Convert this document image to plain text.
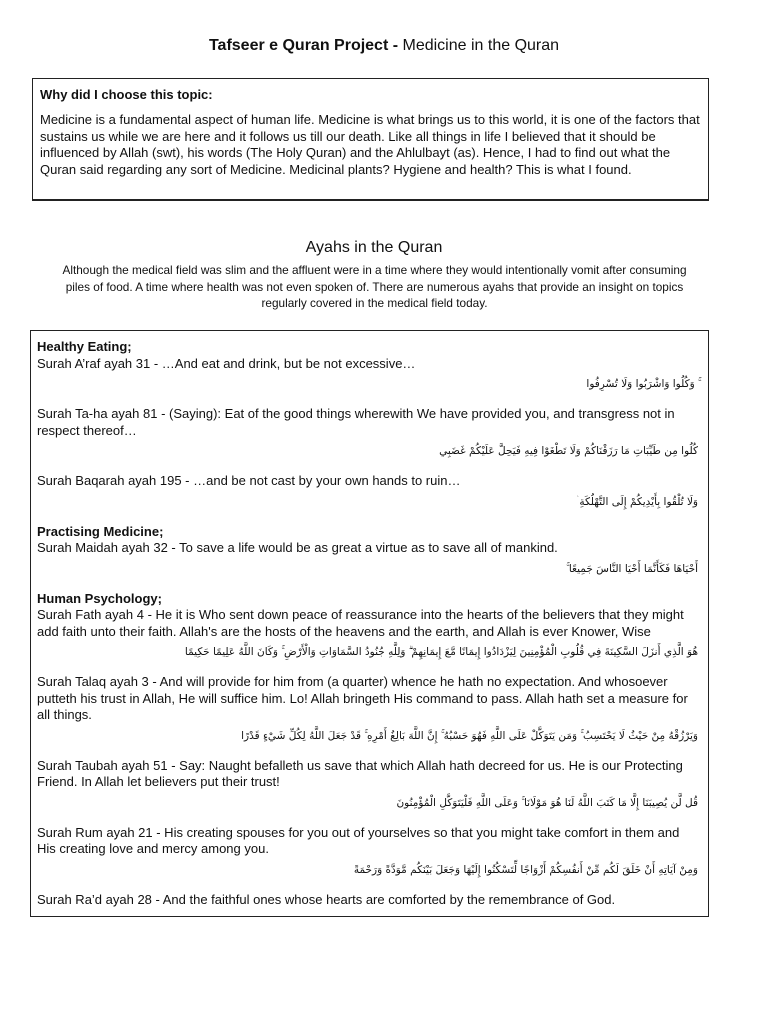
Tafseer e Quran Project - Medicine in the Quran
Why did I choose this topic:
Medicine is a fundamental aspect of human life. Medicine is what brings us to this world, it is one of the factors that sustains us while we are here and it follows us till our death. Like all things in life I believed that it should be influenced by Allah (swt), his words (The Holy Quran) and the Ahlulbayt (as). Hence, I had to find out what the Quran said regarding any sort of Medicine. Medicinal plants? Hygiene and health? This is what I found.
Ayahs in the Quran
Although the medical field was slim and the affluent were in a time where they would intentionally vomit after consuming piles of food. A time where health was not even spoken of. There are numerous ayahs that provide an insight on topics regularly covered in the medical field today.
Healthy Eating;
Surah A’raf ayah 31 - …And eat and drink, but be not excessive…
ۚ وَكُلُوا وَاشْرَبُوا وَلَا تُسْرِفُوا
Surah Ta-ha ayah 81 - (Saying): Eat of the good things wherewith We have provided you, and transgress not in respect thereof…
كُلُوا مِن طَيِّبَاتِ مَا رَزَقْنَاكُمْ وَلَا تَطْغَوْا فِيهِ فَيَحِلَّ عَلَيْكُمْ غَضَبِي
Surah Baqarah ayah 195 - …and be not cast by your own hands to ruin…
وَلَا تُلْقُوا بِأَيْدِيكُمْ إِلَى التَّهْلُكَةِ ۛ
Practising Medicine;
Surah Maidah ayah 32 - To save a life would be as great a virtue as to save all of mankind.
أَحْيَاهَا فَكَأَنَّمَا أَحْيَا النَّاسَ جَمِيعًا ۚ
Human Psychology;
Surah Fath ayah 4 - He it is Who sent down peace of reassurance into the hearts of the believers that they might add faith unto their faith. Allah's are the hosts of the heavens and the earth, and Allah is ever Knower, Wise
هُوَ الَّذِي أَنزَلَ السَّكِينَةَ فِي قُلُوبِ الْمُؤْمِنِينَ لِيَزْدَادُوا إِيمَانًا مَّعَ إِيمَانِهِمْ ۗ وَلِلَّهِ جُنُودُ السَّمَاوَاتِ وَالْأَرْضِ ۚ وَكَانَ اللَّهُ عَلِيمًا حَكِيمًا
Surah Talaq ayah 3 - And will provide for him from (a quarter) whence he hath no expectation. And whosoever putteth his trust in Allah, He will suffice him. Lo! Allah bringeth His command to pass. Allah hath set a measure for all things.
وَيَرْزُقْهُ مِنْ حَيْثُ لَا يَحْتَسِبُ ۚ وَمَن يَتَوَكَّلْ عَلَى اللَّهِ فَهُوَ حَسْبُهُ ۚ إِنَّ اللَّهَ بَالِغُ أَمْرِهِ ۚ قَدْ جَعَلَ اللَّهُ لِكُلِّ شَيْءٍ قَدْرًا
Surah Taubah ayah 51 - Say: Naught befalleth us save that which Allah hath decreed for us. He is our Protecting Friend. In Allah let believers put their trust!
قُل لَّن يُصِيبَنَا إِلَّا مَا كَتَبَ اللَّهُ لَنَا هُوَ مَوْلَانَا ۚ وَعَلَى اللَّهِ فَلْيَتَوَكَّلِ الْمُؤْمِنُونَ
Surah Rum ayah 21 - His creating spouses for you out of yourselves so that you might take comfort in them and His creating love and mercy among you.
وَمِنْ آيَاتِهِ أَنْ خَلَقَ لَكُم مِّنْ أَنفُسِكُمْ أَزْوَاجًا لِّتَسْكُنُوا إِلَيْهَا وَجَعَلَ بَيْنَكُم مَّوَدَّةً وَرَحْمَةً
Surah Ra’d ayah 28 - And the faithful ones whose hearts are comforted by the remembrance of God.
